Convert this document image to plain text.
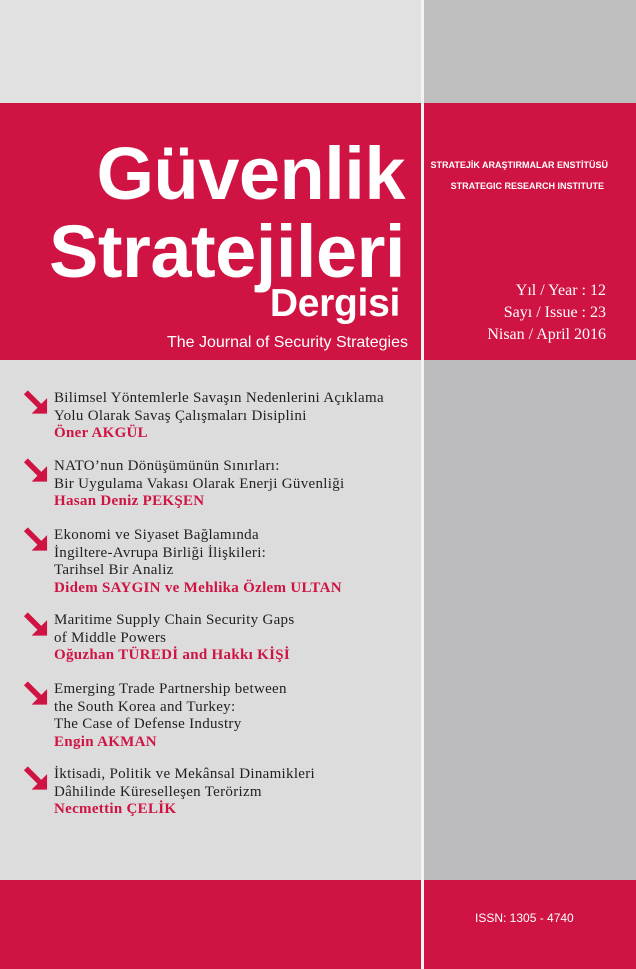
Güvenlik
Stratejileri
Dergisi
The Journal of Security Strategies
STRATEJİK ARAŞTIRMALAR ENSTİTÜSÜ
STRATEGIC RESEARCH INSTITUTE
Yıl / Year : 12
Sayı / Issue : 23
Nisan / April 2016
Bilimsel Yöntemlerle Savaşın Nedenlerini Açıklama
Yolu Olarak Savaş Çalışmaları Disiplini
Öner AKGÜL
NATO’nun Dönüşümünün Sınırları:
Bir Uygulama Vakası Olarak Enerji Güvenliği
Hasan Deniz PEKŞEN
Ekonomi ve Siyaset Bağlamında
İngiltere-Avrupa Birliği İlişkileri:
Tarihsel Bir Analiz
Didem SAYGIN ve Mehlika Özlem ULTAN
Maritime Supply Chain Security Gaps
of Middle Powers
Oğuzhan TÜREDİ and Hakkı KİŞİ
Emerging Trade Partnership between
the South Korea and Turkey:
The Case of Defense Industry
Engin AKMAN
İktisadi, Politik ve Mekânsal Dinamikleri
Dâhilinde Küreselleşen Terörizm
Necmettin ÇELİK
ISSN: 1305 - 4740
